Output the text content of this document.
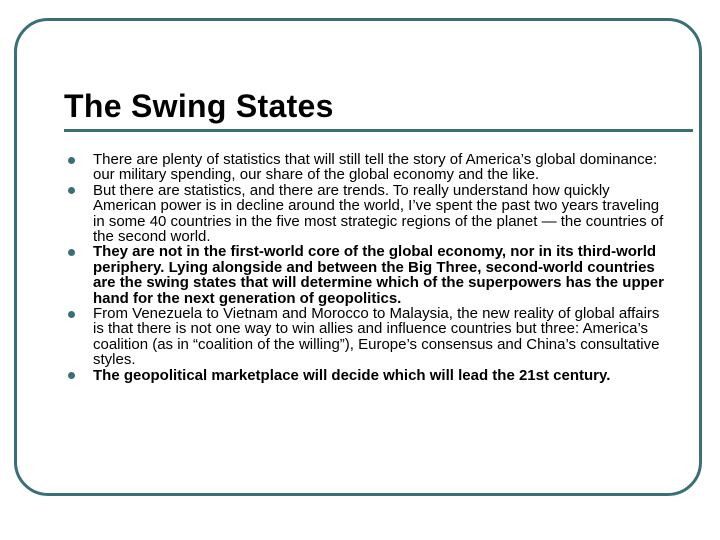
The Swing States
There are plenty of statistics that will still tell the story of America’s global dominance: our military spending, our share of the global economy and the like.
But there are statistics, and there are trends. To really understand how quickly American power is in decline around the world, I’ve spent the past two years traveling in some 40 countries in the five most strategic regions of the planet — the countries of the second world.
They are not in the first-world core of the global economy, nor in its third-world periphery. Lying alongside and between the Big Three, second-world countries are the swing states that will determine which of the superpowers has the upper hand for the next generation of geopolitics.
From Venezuela to Vietnam and Morocco to Malaysia, the new reality of global affairs is that there is not one way to win allies and influence countries but three: America’s coalition (as in “coalition of the willing”), Europe’s consensus and China’s consultative styles.
The geopolitical marketplace will decide which will lead the 21st century.
